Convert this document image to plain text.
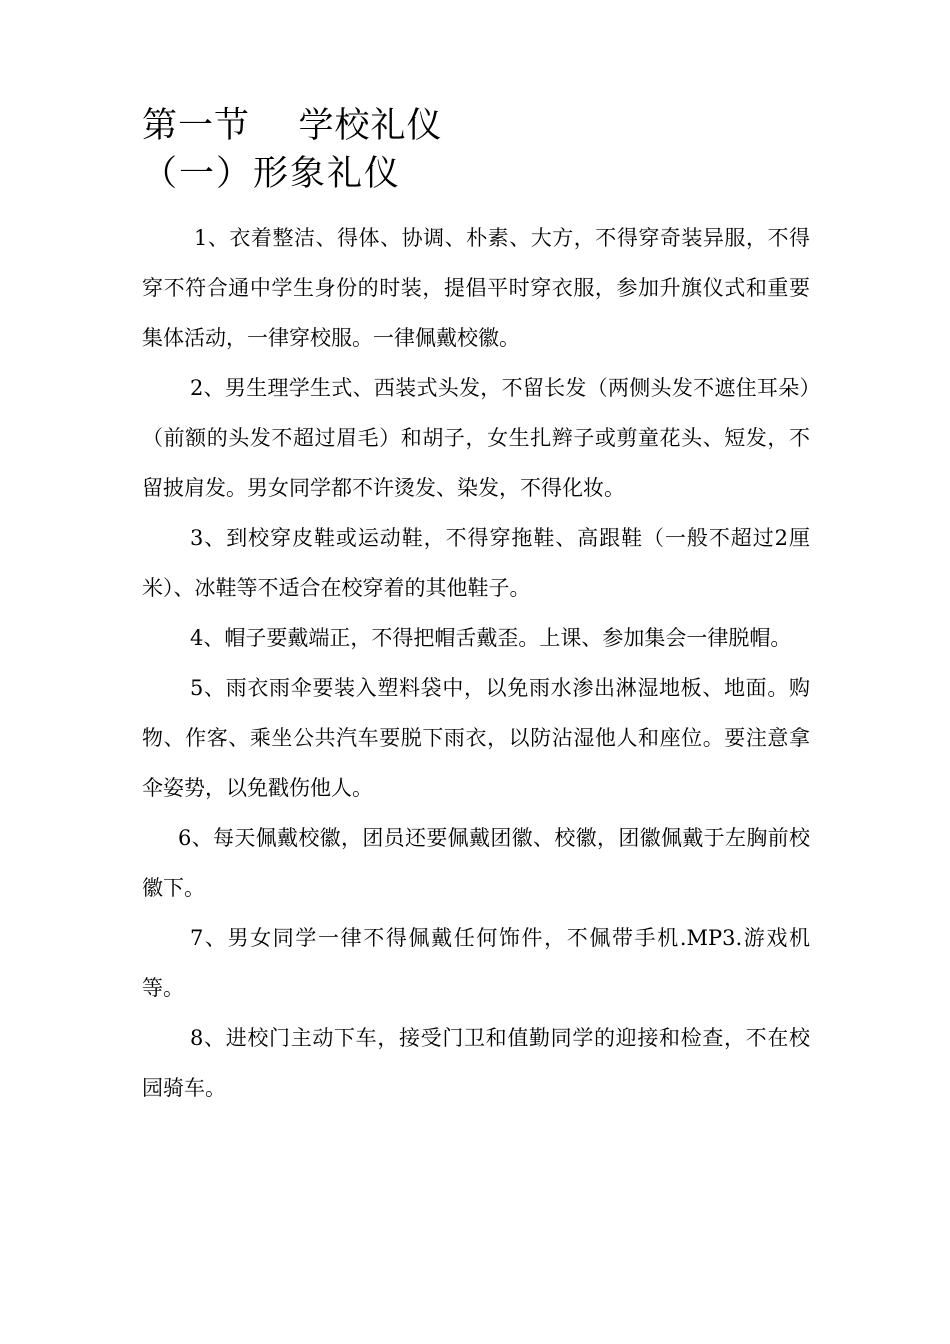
第一节    学校礼仪
（一）形象礼仪

1、衣着整洁、得体、协调、朴素、大方，不得穿奇装异服，不得穿不符合通中学生身份的时装，提倡平时穿衣服，参加升旗仪式和重要集体活动，一律穿校服。一律佩戴校徽。

2、男生理学生式、西装式头发，不留长发（两侧头发不遮住耳朵）（前额的头发不超过眉毛）和胡子，女生扎辫子或剪童花头、短发，不留披肩发。男女同学都不许烫发、染发，不得化妆。

3、到校穿皮鞋或运动鞋，不得穿拖鞋、高跟鞋（一般不超过2厘米）、冰鞋等不适合在校穿着的其他鞋子。

4、帽子要戴端正，不得把帽舌戴歪。上课、参加集会一律脱帽。

5、雨衣雨伞要装入塑料袋中，以免雨水渗出淋湿地板、地面。购物、作客、乘坐公共汽车要脱下雨衣，以防沾湿他人和座位。要注意拿伞姿势，以免戳伤他人。

6、每天佩戴校徽，团员还要佩戴团徽、校徽，团徽佩戴于左胸前校徽下。

7、男女同学一律不得佩戴任何饰件，不佩带手机.MP3.游戏机等。

8、进校门主动下车，接受门卫和值勤同学的迎接和检查，不在校园骑车。
